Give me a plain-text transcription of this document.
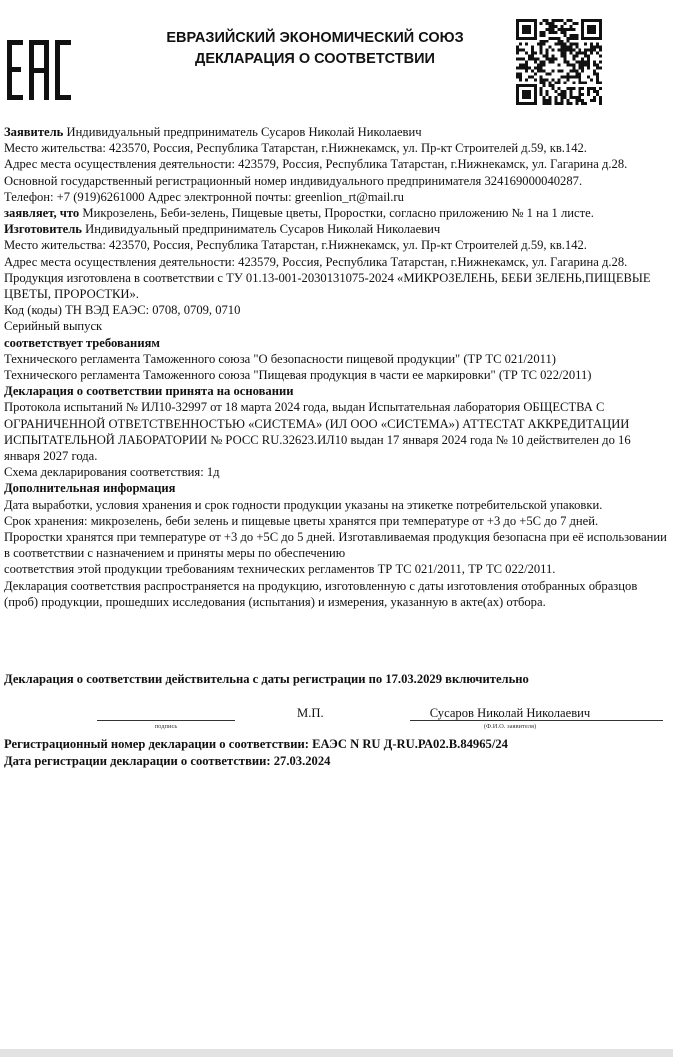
ЕВРАЗИЙСКИЙ ЭКОНОМИЧЕСКИЙ СОЮЗ
ДЕКЛАРАЦИЯ О СООТВЕТСТВИИ

Заявитель Индивидуальный предприниматель Сусаров Николай Николаевич

Место жительства: 423570, Россия, Республика Татарстан, г.Нижнекамск, ул. Пр-кт Строителей д.59, кв.142.

Адрес места осуществления деятельности: 423579, Россия, Республика Татарстан, г.Нижнекамск, ул. Гагарина д.28.

Основной государственный регистрационный номер индивидуального предпринимателя 324169000040287.

Телефон: +7 (919)6261000 Адрес электронной почты: greenlion_rt@mail.ru

заявляет, что Микрозелень, Беби-зелень, Пищевые цветы, Проростки, согласно приложению № 1 на 1 листе.

Изготовитель Индивидуальный предприниматель Сусаров Николай Николаевич

Место жительства: 423570, Россия, Республика Татарстан, г.Нижнекамск, ул. Пр-кт Строителей д.59, кв.142.

Адрес места осуществления деятельности: 423579, Россия, Республика Татарстан, г.Нижнекамск, ул. Гагарина д.28.

Продукция изготовлена в соответствии с ТУ 01.13-001-2030131075-2024 «МИКРОЗЕЛЕНЬ, БЕБИ ЗЕЛЕНЬ,ПИЩЕВЫЕ ЦВЕТЫ, ПРОРОСТКИ».

Код (коды) ТН ВЭД ЕАЭС: 0708, 0709, 0710

Серийный выпуск

соответствует требованиям

Технического регламента Таможенного союза "О безопасности пищевой продукции" (ТР ТС 021/2011)

Технического регламента Таможенного союза "Пищевая продукция в части ее маркировки" (ТР ТС 022/2011)

Декларация о соответствии принята на основании

Протокола испытаний № ИЛ10-32997 от 18 марта 2024 года, выдан Испытательная лаборатория ОБЩЕСТВА С ОГРАНИЧЕННОЙ ОТВЕТСТВЕННОСТЬЮ «СИСТЕМА» (ИЛ ООО «СИСТЕМА») АТТЕСТАТ АККРЕДИТАЦИИ ИСПЫТАТЕЛЬНОЙ ЛАБОРАТОРИИ № РОСС RU.32623.ИЛ10 выдан 17 января 2024 года № 10 действителен до 16 января 2027 года.

Схема декларирования соответствия: 1д

Дополнительная информация

Дата выработки, условия хранения и срок годности продукции указаны на этикетке потребительской упаковки.

Срок хранения: микрозелень, беби зелень и пищевые цветы хранятся при температуре от +3 до +5С до 7 дней.

Проростки хранятся при температуре от +3 до +5С до 5 дней. Изготавливаемая продукция безопасна при её использовании в соответствии с назначением и приняты меры по обеспечению

соответствия этой продукции требованиям технических регламентов ТР ТС 021/2011, ТР ТС 022/2011.

Декларация соответствия распространяется на продукцию, изготовленную с даты изготовления отобранных образцов (проб) продукции, прошедших исследования (испытания) и измерения, указанную в акте(ах) отбора.

Декларация о соответствии действительна с даты регистрации по 17.03.2029 включительно
подпись
М.П.	Сусаров Николай Николаевич
(Ф.И.О. заявителя)
Регистрационный номер декларации о соответствии: ЕАЭС N RU Д-RU.РА02.В.84965/24
Дата регистрации декларации о соответствии: 27.03.2024
